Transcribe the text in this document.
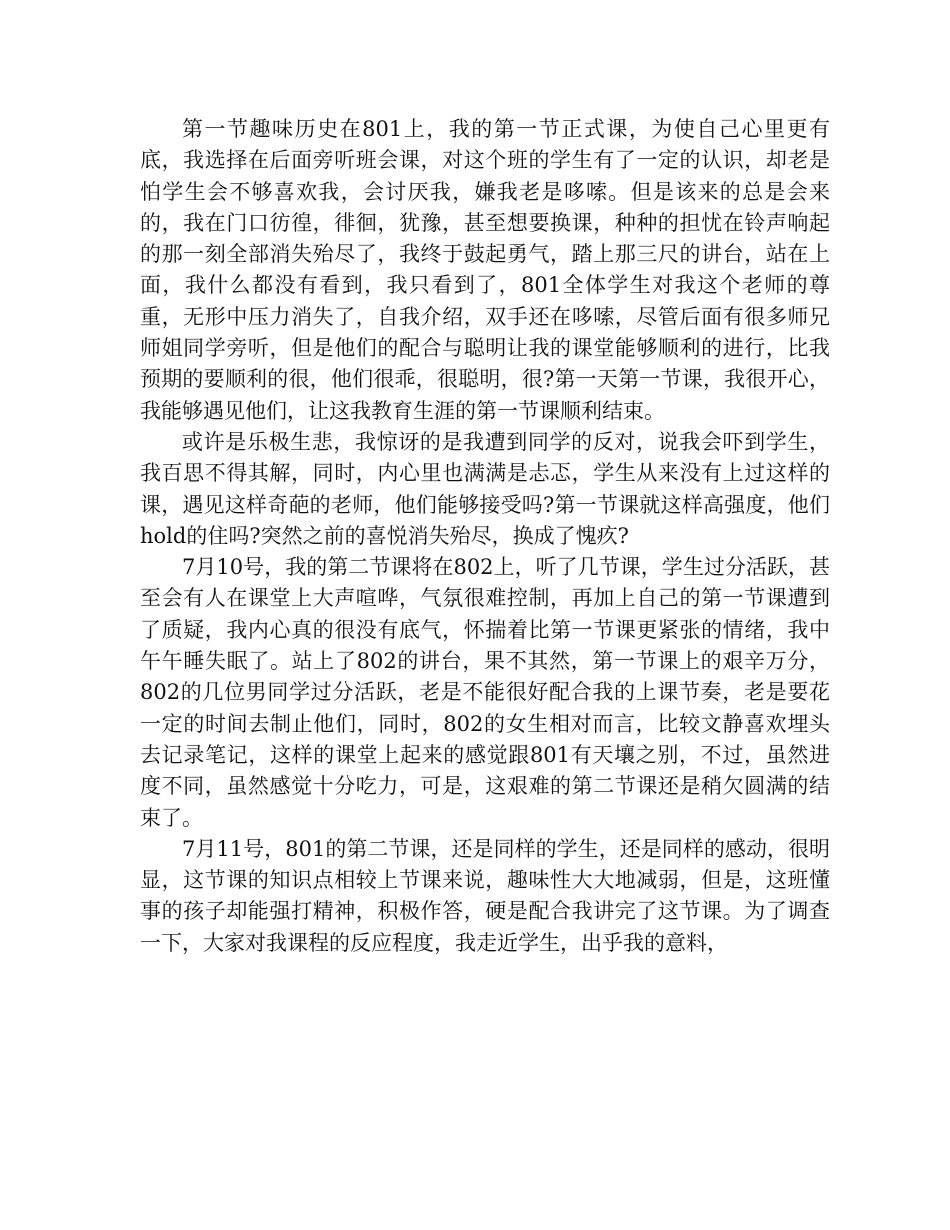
第一节趣味历史在801上，我的第一节正式课，为使自己心里更有底，我选择在后面旁听班会课，对这个班的学生有了一定的认识，却老是怕学生会不够喜欢我，会讨厌我，嫌我老是哆嗦。但是该来的总是会来的，我在门口彷徨，徘徊，犹豫，甚至想要换课，种种的担忧在铃声响起的那一刻全部消失殆尽了，我终于鼓起勇气，踏上那三尺的讲台，站在上面，我什么都没有看到，我只看到了，801全体学生对我这个老师的尊重，无形中压力消失了，自我介绍，双手还在哆嗦，尽管后面有很多师兄师姐同学旁听，但是他们的配合与聪明让我的课堂能够顺利的进行，比我预期的要顺利的很，他们很乖，很聪明，很?第一天第一节课，我很开心，我能够遇见他们，让这我教育生涯的第一节课顺利结束。

或许是乐极生悲，我惊讶的是我遭到同学的反对，说我会吓到学生，我百思不得其解，同时，内心里也满满是忐忑，学生从来没有上过这样的课，遇见这样奇葩的老师，他们能够接受吗?第一节课就这样高强度，他们hold的住吗?突然之前的喜悦消失殆尽，换成了愧疚?

7月10号，我的第二节课将在802上，听了几节课，学生过分活跃，甚至会有人在课堂上大声喧哗，气氛很难控制，再加上自己的第一节课遭到了质疑，我内心真的很没有底气，怀揣着比第一节课更紧张的情绪，我中午午睡失眠了。站上了802的讲台，果不其然，第一节课上的艰辛万分，802的几位男同学过分活跃，老是不能很好配合我的上课节奏，老是要花一定的时间去制止他们，同时，802的女生相对而言，比较文静喜欢埋头去记录笔记，这样的课堂上起来的感觉跟801有天壤之别，不过，虽然进度不同，虽然感觉十分吃力，可是，这艰难的第二节课还是稍欠圆满的结束了。

7月11号，801的第二节课，还是同样的学生，还是同样的感动，很明显，这节课的知识点相较上节课来说，趣味性大大地减弱，但是，这班懂事的孩子却能强打精神，积极作答，硬是配合我讲完了这节课。为了调查一下，大家对我课程的反应程度，我走近学生，出乎我的意料，
